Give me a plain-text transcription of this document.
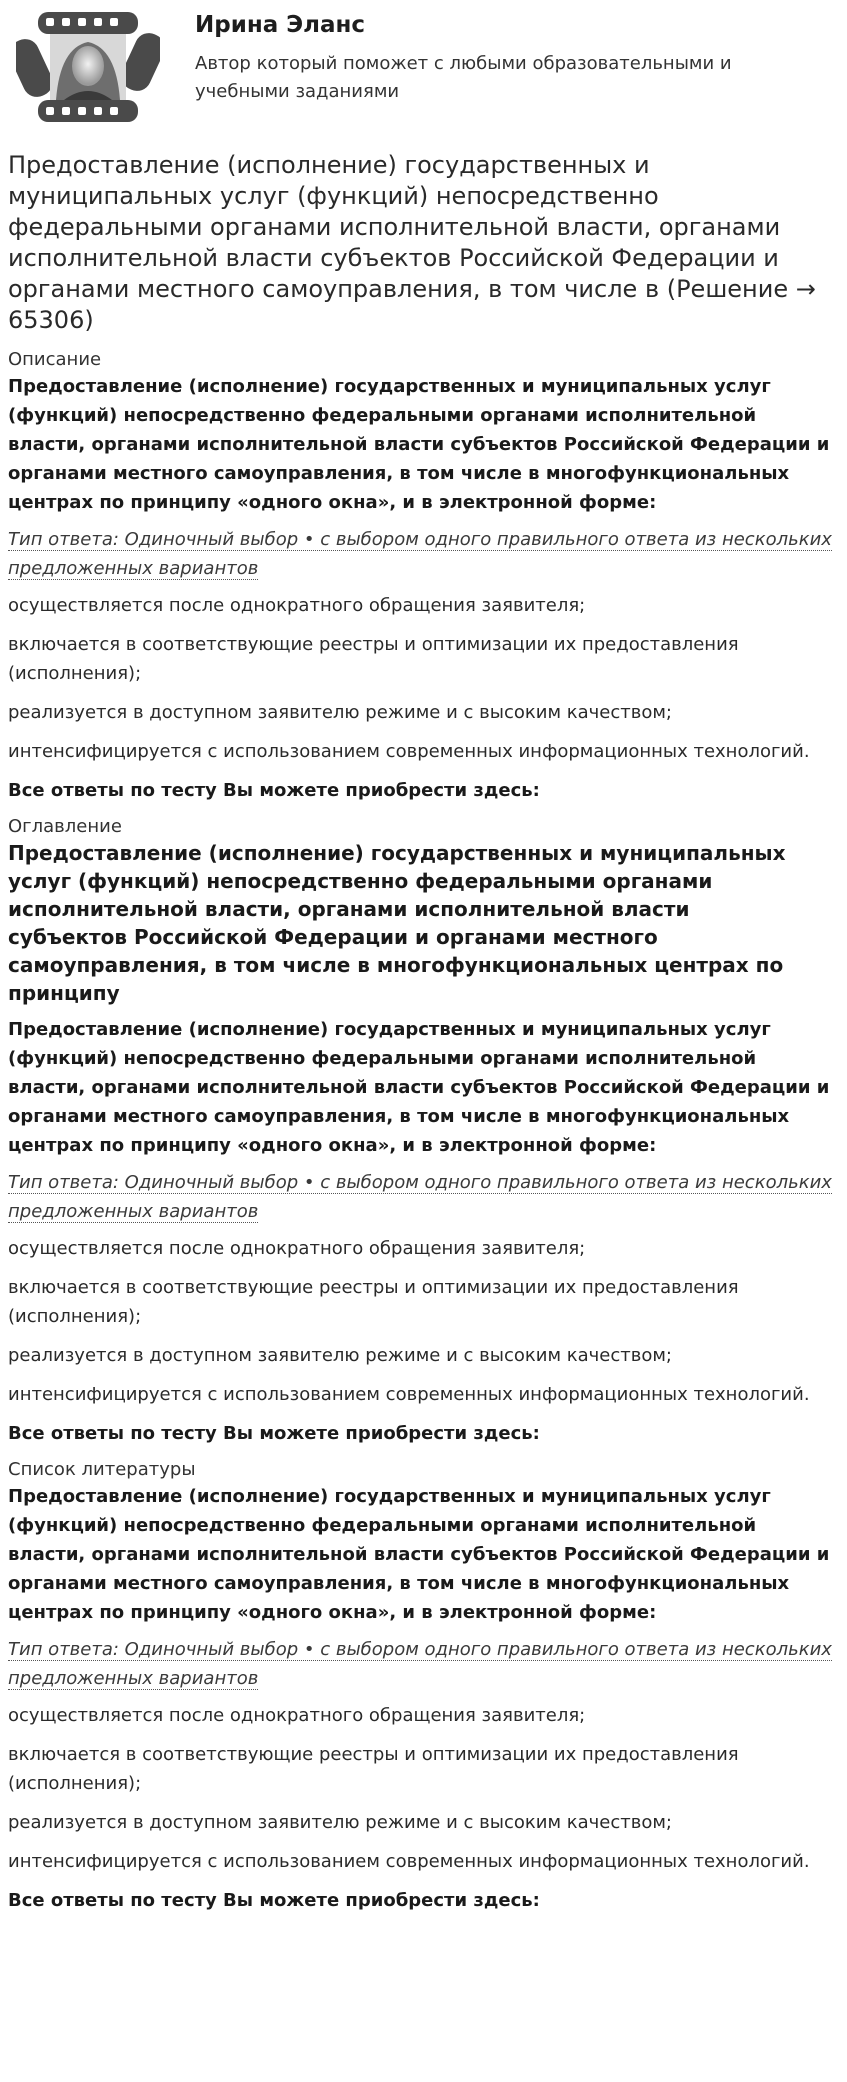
Ирина Эланс

Автор который поможет с любыми образовательными и учебными заданиями

Предоставление (исполнение) государственных и муниципальных услуг (функций) непосредственно федеральными органами исполнительной власти, органами исполнительной власти субъектов Российской Федерации и органами местного самоуправления, в том числе в (Решение → 65306)

Описание

Предоставление (исполнение) государственных и муниципальных услуг (функций) непосредственно федеральными органами исполнительной власти, органами исполнительной власти субъектов Российской Федерации и органами местного самоуправления, в том числе в многофункциональных центрах по принципу «одного окна», и в электронной форме:

Тип ответа: Одиночный выбор • с выбором одного правильного ответа из нескольких предложенных вариантов

осуществляется после однократного обращения заявителя;

включается в соответствующие реестры и оптимизации их предоставления (исполнения);

реализуется в доступном заявителю режиме и с высоким качеством;

интенсифицируется с использованием современных информационных технологий.

Все ответы по тесту Вы можете приобрести здесь:

Оглавление

Предоставление (исполнение) государственных и муниципальных услуг (функций) непосредственно федеральными органами исполнительной власти, органами исполнительной власти субъектов Российской Федерации и органами местного самоуправления, в том числе в многофункциональных центрах по принципу

Предоставление (исполнение) государственных и муниципальных услуг (функций) непосредственно федеральными органами исполнительной власти, органами исполнительной власти субъектов Российской Федерации и органами местного самоуправления, в том числе в многофункциональных центрах по принципу «одного окна», и в электронной форме:

Тип ответа: Одиночный выбор • с выбором одного правильного ответа из нескольких предложенных вариантов

осуществляется после однократного обращения заявителя;

включается в соответствующие реестры и оптимизации их предоставления (исполнения);

реализуется в доступном заявителю режиме и с высоким качеством;

интенсифицируется с использованием современных информационных технологий.

Все ответы по тесту Вы можете приобрести здесь:

Список литературы

Предоставление (исполнение) государственных и муниципальных услуг (функций) непосредственно федеральными органами исполнительной власти, органами исполнительной власти субъектов Российской Федерации и органами местного самоуправления, в том числе в многофункциональных центрах по принципу «одного окна», и в электронной форме:

Тип ответа: Одиночный выбор • с выбором одного правильного ответа из нескольких предложенных вариантов

осуществляется после однократного обращения заявителя;

включается в соответствующие реестры и оптимизации их предоставления (исполнения);

реализуется в доступном заявителю режиме и с высоким качеством;

интенсифицируется с использованием современных информационных технологий.

Все ответы по тесту Вы можете приобрести здесь:
